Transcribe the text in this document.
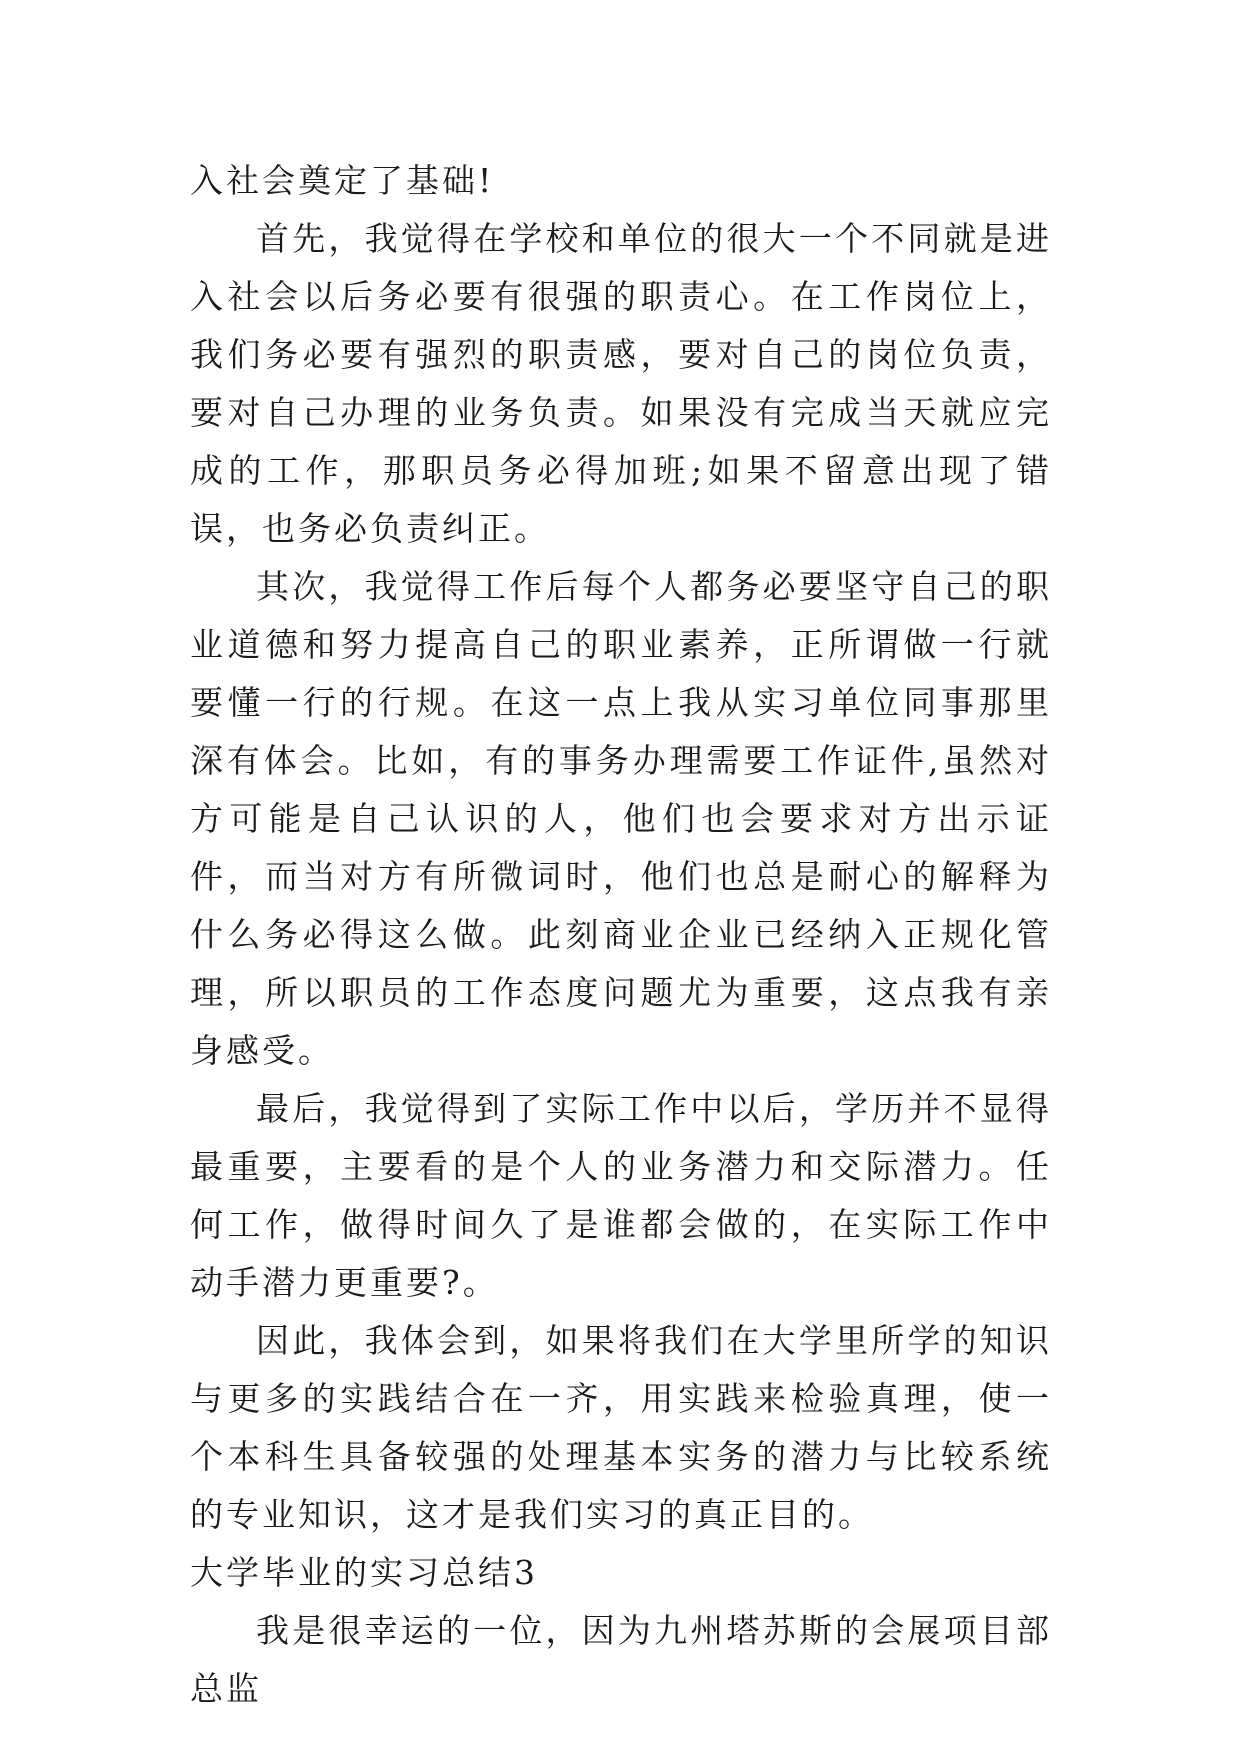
入社会奠定了基础!

首先，我觉得在学校和单位的很大一个不同就是进入社会以后务必要有很强的职责心。在工作岗位上，我们务必要有强烈的职责感，要对自己的岗位负责，要对自己办理的业务负责。如果没有完成当天就应完成的工作，那职员务必得加班;如果不留意出现了错误，也务必负责纠正。

其次，我觉得工作后每个人都务必要坚守自己的职业道德和努力提高自己的职业素养，正所谓做一行就要懂一行的行规。在这一点上我从实习单位同事那里深有体会。比如，有的事务办理需要工作证件,虽然对方可能是自己认识的人，他们也会要求对方出示证件，而当对方有所微词时，他们也总是耐心的解释为什么务必得这么做。此刻商业企业已经纳入正规化管理，所以职员的工作态度问题尤为重要，这点我有亲身感受。

最后，我觉得到了实际工作中以后，学历并不显得最重要，主要看的是个人的业务潜力和交际潜力。任何工作，做得时间久了是谁都会做的，在实际工作中动手潜力更重要?。

因此，我体会到，如果将我们在大学里所学的知识与更多的实践结合在一齐，用实践来检验真理，使一个本科生具备较强的处理基本实务的潜力与比较系统的专业知识，这才是我们实习的真正目的。

大学毕业的实习总结3

我是很幸运的一位，因为九州塔苏斯的会展项目部总监
